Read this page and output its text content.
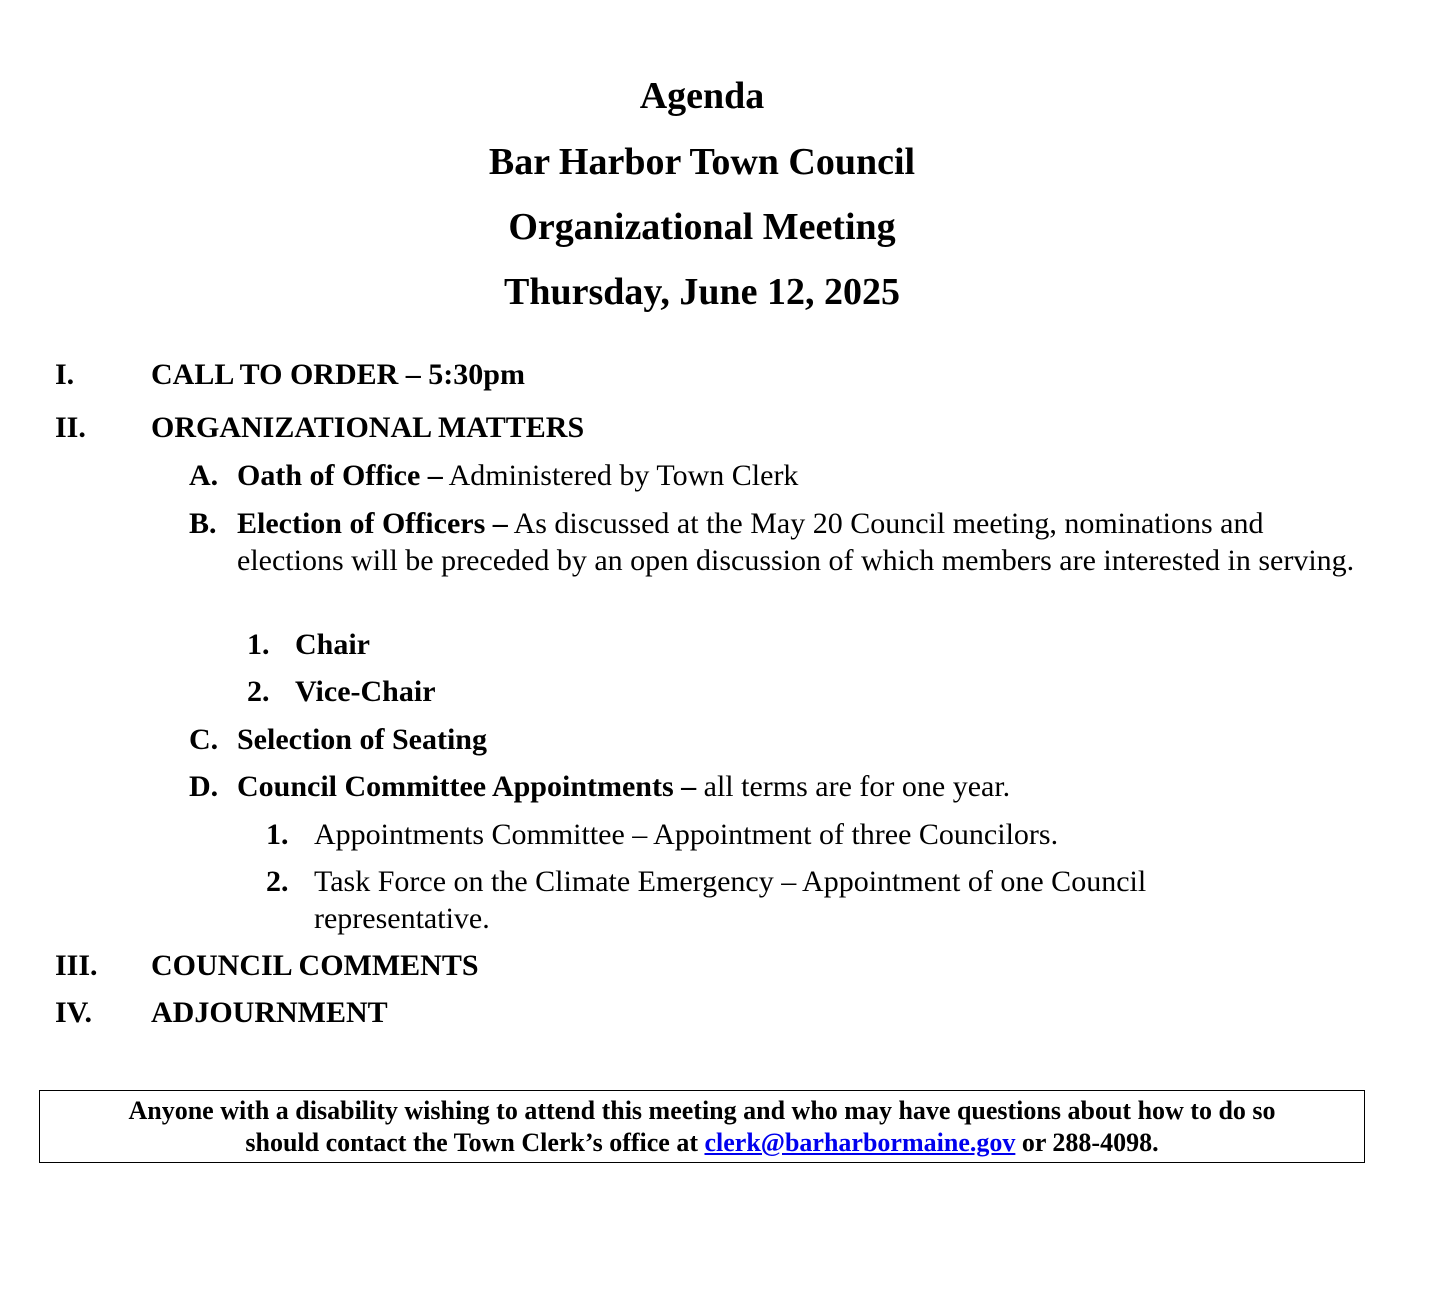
Agenda
Bar Harbor Town Council
Organizational Meeting
Thursday, June 12, 2025
I.	CALL TO ORDER – 5:30pm
II. ORGANIZATIONAL MATTERS
A. Oath of Office – Administered by Town Clerk
B. Election of Officers – As discussed at the May 20 Council meeting, nominations and elections will be preceded by an open discussion of which members are interested in serving.
1. Chair
2. Vice-Chair
C. Selection of Seating
D. Council Committee Appointments – all terms are for one year.
1. Appointments Committee – Appointment of three Councilors.
2. Task Force on the Climate Emergency – Appointment of one Council representative.
III. COUNCIL COMMENTS
IV. ADJOURNMENT
Anyone with a disability wishing to attend this meeting and who may have questions about how to do so
should contact the Town Clerk’s office at clerk@barharbormaine.gov or 288-4098.
